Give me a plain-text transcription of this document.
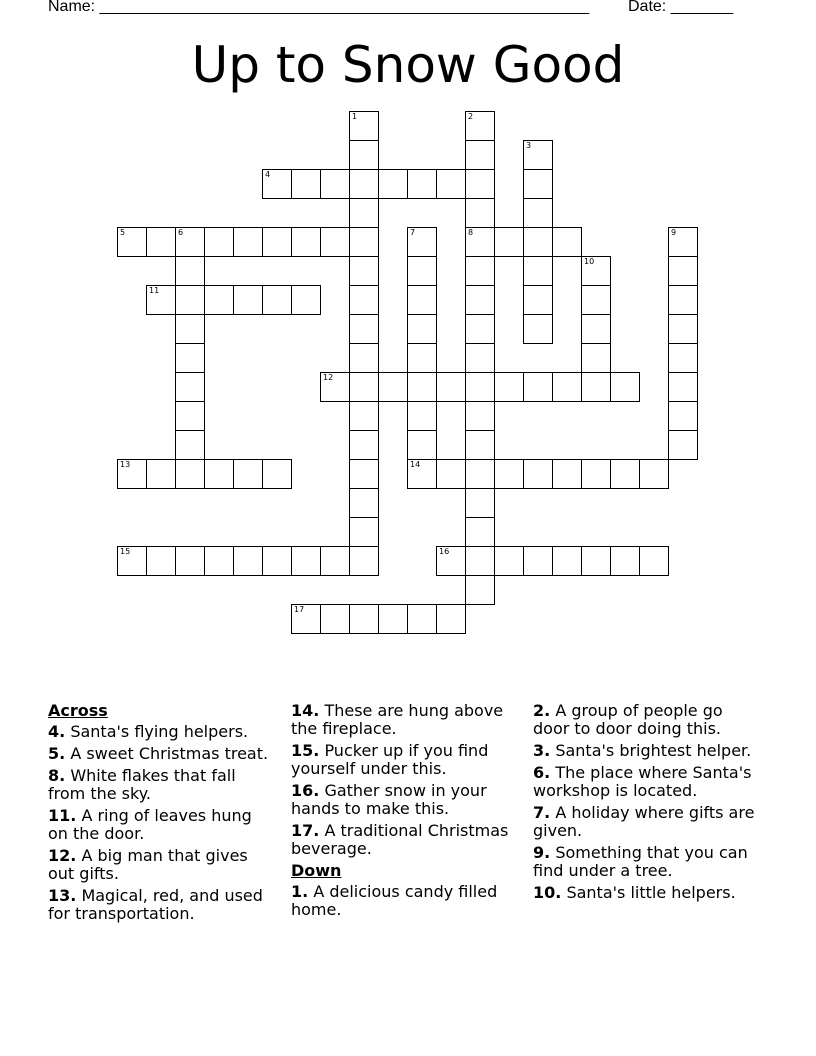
Name: _______________________________________________________ Date: _______
Up to Snow Good
1	2
8
3
4
5	6	7	9
10
11
12
13	14
15	16
17
Across
4. Santa's flying helpers.
5. A sweet Christmas treat.
8. White flakes that fall from the sky.
11. A ring of leaves hung on the door.
12. A big man that gives out gifts.
13. Magical, red, and used for transportation.
14. These are hung above the fireplace.
15. Pucker up if you find yourself under this.
16. Gather snow in your hands to make this.
17. A traditional Christmas beverage.
Down
1. A delicious candy filled home.
2. A group of people go door to door doing this.
3. Santa's brightest helper.
6. The place where Santa's workshop is located.
7. A holiday where gifts are given.
9. Something that you can find under a tree.
10. Santa's little helpers.
